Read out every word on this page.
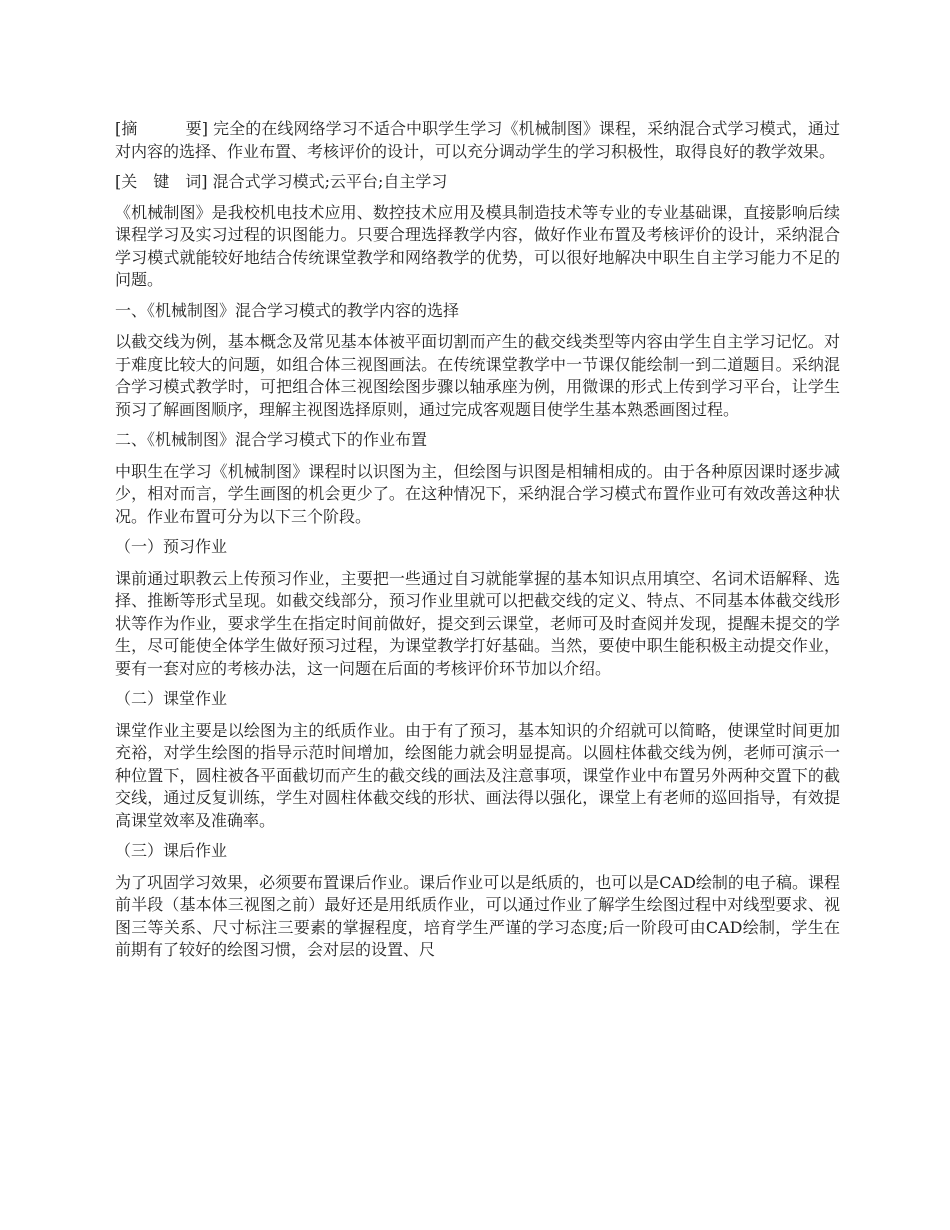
[摘　　　要] 完全的在线网络学习不适合中职学生学习《机械制图》课程，采纳混合式学习模式，通过对内容的选择、作业布置、考核评价的设计，可以充分调动学生的学习积极性，取得良好的教学效果。

[关　键　词] 混合式学习模式;云平台;自主学习

《机械制图》是我校机电技术应用、数控技术应用及模具制造技术等专业的专业基础课，直接影响后续课程学习及实习过程的识图能力。只要合理选择教学内容，做好作业布置及考核评价的设计，采纳混合学习模式就能较好地结合传统课堂教学和网络教学的优势，可以很好地解决中职生自主学习能力不足的问题。

一、《机械制图》混合学习模式的教学内容的选择

以截交线为例，基本概念及常见基本体被平面切割而产生的截交线类型等内容由学生自主学习记忆。对于难度比较大的问题，如组合体三视图画法。在传统课堂教学中一节课仅能绘制一到二道题目。采纳混合学习模式教学时，可把组合体三视图绘图步骤以轴承座为例，用微课的形式上传到学习平台，让学生预习了解画图顺序，理解主视图选择原则，通过完成客观题目使学生基本熟悉画图过程。

二、《机械制图》混合学习模式下的作业布置

中职生在学习《机械制图》课程时以识图为主，但绘图与识图是相辅相成的。由于各种原因课时逐步减少，相对而言，学生画图的机会更少了。在这种情况下，采纳混合学习模式布置作业可有效改善这种状况。作业布置可分为以下三个阶段。

（一）预习作业

课前通过职教云上传预习作业，主要把一些通过自习就能掌握的基本知识点用填空、名词术语解释、选择、推断等形式呈现。如截交线部分，预习作业里就可以把截交线的定义、特点、不同基本体截交线形状等作为作业，要求学生在指定时间前做好，提交到云课堂，老师可及时查阅并发现，提醒未提交的学生，尽可能使全体学生做好预习过程，为课堂教学打好基础。当然，要使中职生能积极主动提交作业，要有一套对应的考核办法，这一问题在后面的考核评价环节加以介绍。

（二）课堂作业

课堂作业主要是以绘图为主的纸质作业。由于有了预习，基本知识的介绍就可以简略，使课堂时间更加充裕，对学生绘图的指导示范时间增加，绘图能力就会明显提高。以圆柱体截交线为例，老师可演示一种位置下，圆柱被各平面截切而产生的截交线的画法及注意事项，课堂作业中布置另外两种交置下的截交线，通过反复训练，学生对圆柱体截交线的形状、画法得以强化，课堂上有老师的巡回指导，有效提高课堂效率及准确率。

（三）课后作业

为了巩固学习效果，必须要布置课后作业。课后作业可以是纸质的，也可以是CAD绘制的电子稿。课程前半段（基本体三视图之前）最好还是用纸质作业，可以通过作业了解学生绘图过程中对线型要求、视图三等关系、尺寸标注三要素的掌握程度，培育学生严谨的学习态度;后一阶段可由CAD绘制，学生在前期有了较好的绘图习惯，会对层的设置、尺
